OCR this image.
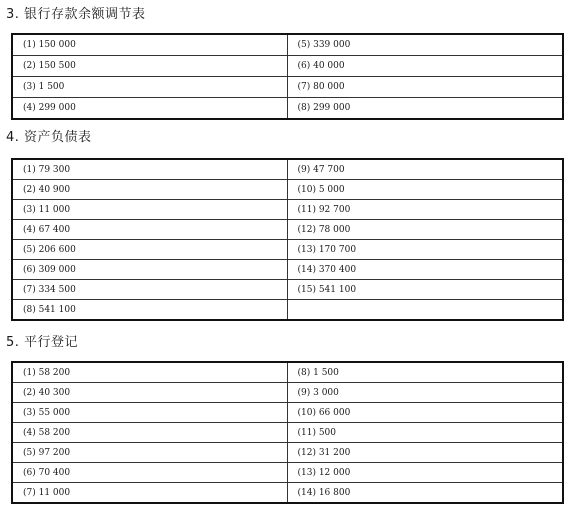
3. 银行存款余额调节表
(1) 150 000	(5) 339 000
(2) 150 500	(6) 40 000
(3) 1 500	(7) 80 000
(4) 299 000	(8) 299 000
4. 资产负债表
(1) 79 300	(9) 47 700
(2) 40 900	(10) 5 000
(3) 11 000	(11) 92 700
(4) 67 400	(12) 78 000
(5) 206 600	(13) 170 700
(6) 309 000	(14) 370 400
(7) 334 500	(15) 541 100
(8) 541 100	
5. 平行登记
(1) 58 200	(8) 1 500
(2) 40 300	(9) 3 000
(3) 55 000	(10) 66 000
(4) 58 200	(11) 500
(5) 97 200	(12) 31 200
(6) 70 400	(13) 12 000
(7) 11 000	(14) 16 800
